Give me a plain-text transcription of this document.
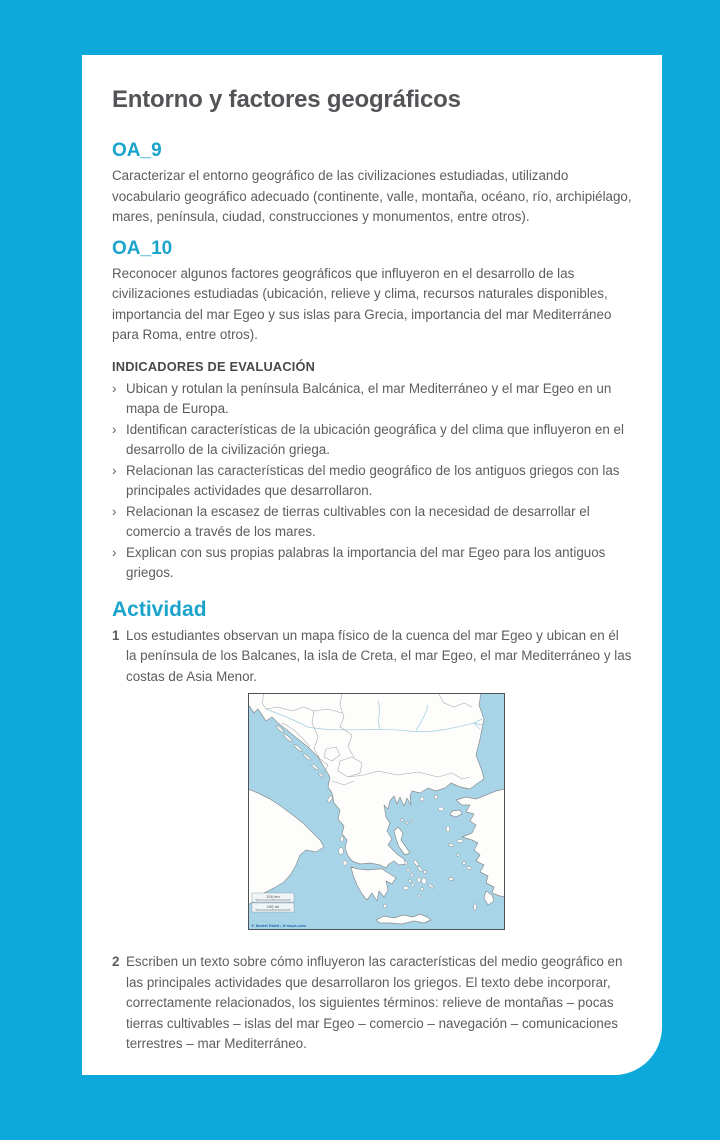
Entorno y factores geográficos
OA_9

Caracterizar el entorno geográfico de las civilizaciones estudiadas, utilizando vocabulario geográfico adecuado (continente, valle, montaña, océano, río, archipiélago, mares, península, ciudad, construcciones y monumentos, entre otros).

OA_10

Reconocer algunos factores geográficos que influyeron en el desarrollo de las civilizaciones estudiadas (ubicación, relieve y clima, recursos naturales disponibles, importancia del mar Egeo y sus islas para Grecia, importancia del mar Mediterráneo para Roma, entre otros).

INDICADORES DE EVALUACIÓN
› Ubican y rotulan la península Balcánica, el mar Mediterráneo y el mar Egeo en un mapa de Europa.
› Identifican características de la ubicación geográfica y del clima que influyeron en el desarrollo de la civilización griega.
› Relacionan las características del medio geográfico de los antiguos griegos con las principales actividades que desarrollaron.
› Relacionan la escasez de tierras cultivables con la necesidad de desarrollar el comercio a través de los mares.
› Explican con sus propias palabras la importancia del mar Egeo para los antiguos griegos.
Actividad
1 Los estudiantes observan un mapa físico de la cuenca del mar Egeo y ubican en él la península de los Balcanes, la isla de Creta, el mar Egeo, el mar Mediterráneo y las costas de Asia Menor.
100 km
100 mi
© Daniel Dalet / d-maps.com
2 Escriben un texto sobre cómo influyeron las características del medio geográfico en las principales actividades que desarrollaron los griegos. El texto debe incorporar, correctamente relacionados, los siguientes términos: relieve de montañas – pocas tierras cultivables – islas del mar Egeo – comercio – navegación – comunicaciones terrestres – mar Mediterráneo.
